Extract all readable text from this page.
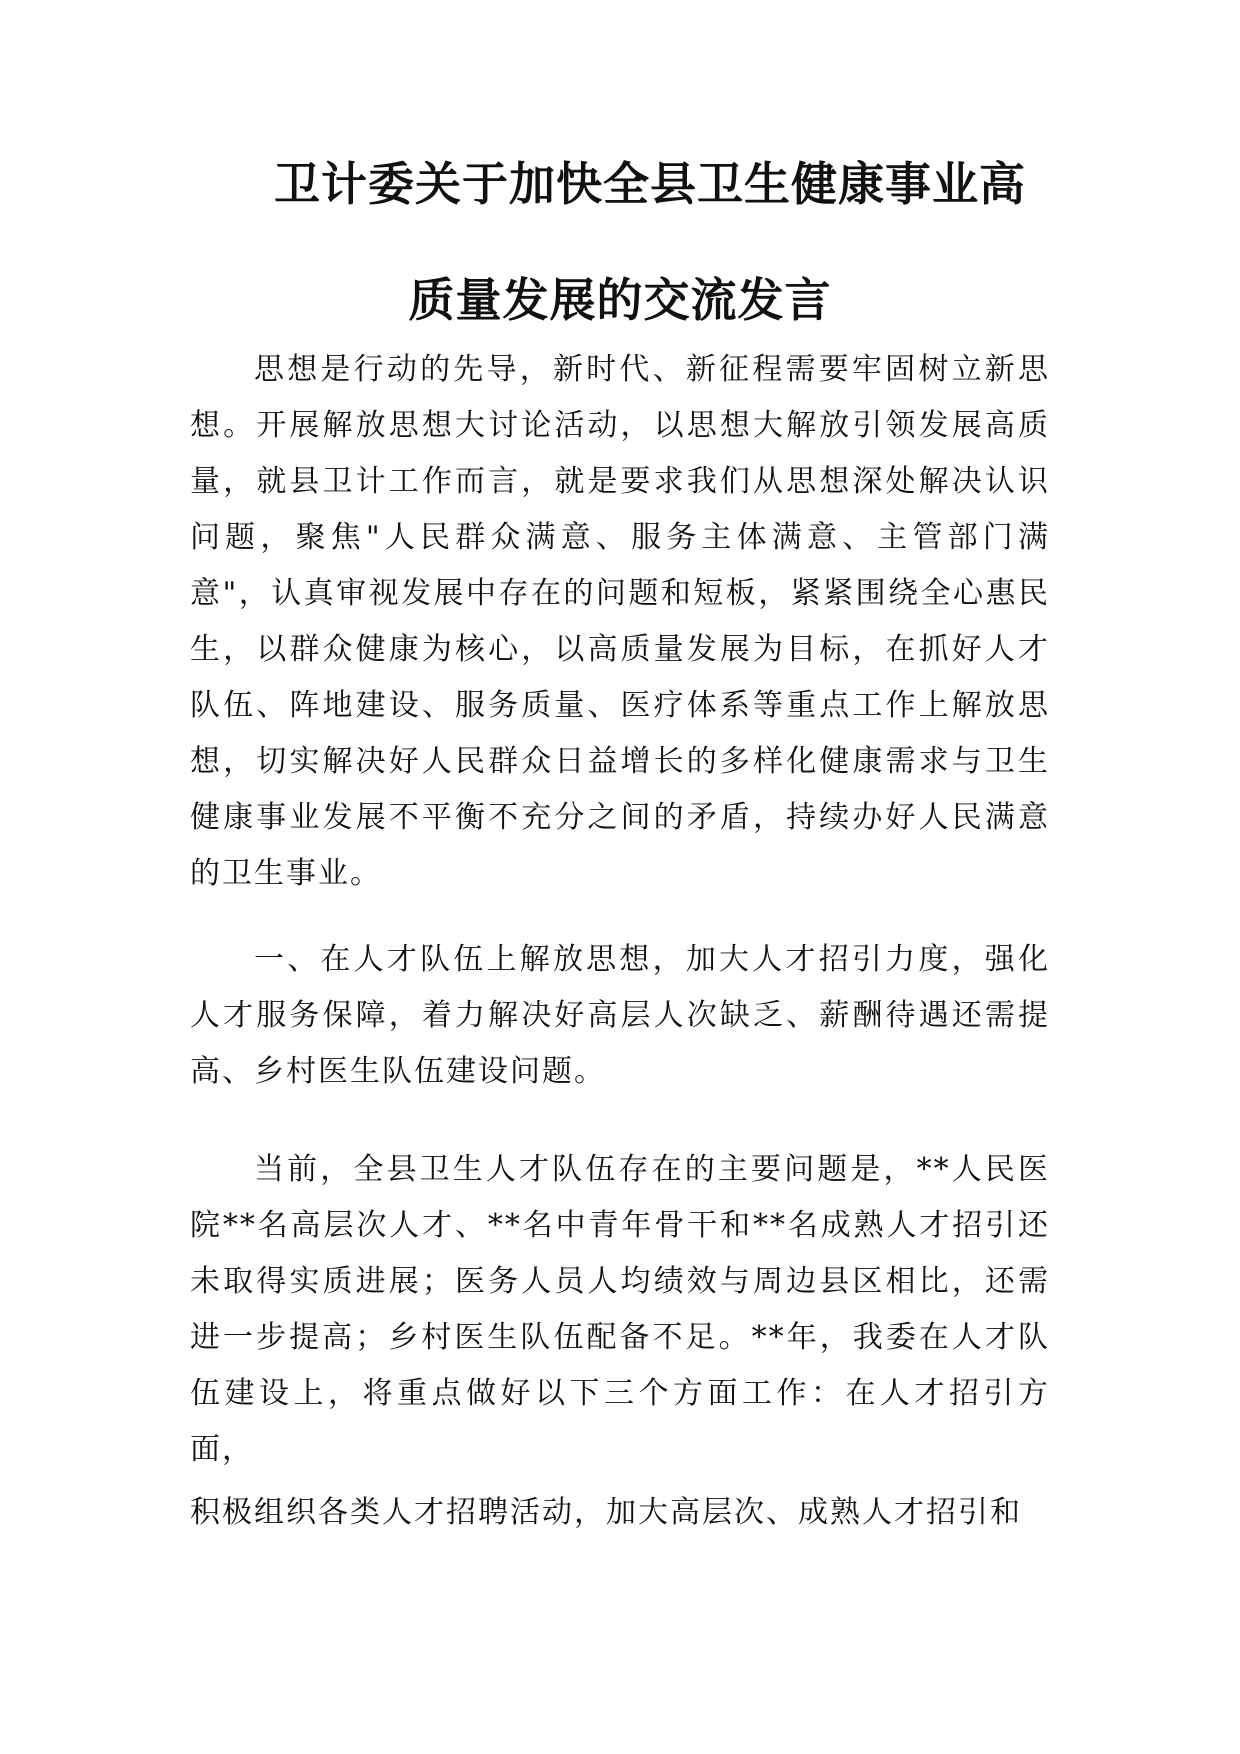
卫计委关于加快全县卫生健康事业高
质量发展的交流发言

思想是行动的先导，新时代、新征程需要牢固树立新思想。开展解放思想大讨论活动，以思想大解放引领发展高质量，就县卫计工作而言，就是要求我们从思想深处解决认识问题，聚焦"人民群众满意、服务主体满意、主管部门满意"，认真审视发展中存在的问题和短板，紧紧围绕全心惠民生，以群众健康为核心，以高质量发展为目标，在抓好人才队伍、阵地建设、服务质量、医疗体系等重点工作上解放思想，切实解决好人民群众日益增长的多样化健康需求与卫生健康事业发展不平衡不充分之间的矛盾，持续办好人民满意的卫生事业。

一、在人才队伍上解放思想，加大人才招引力度，强化人才服务保障，着力解决好高层人次缺乏、薪酬待遇还需提高、乡村医生队伍建设问题。

当前，全县卫生人才队伍存在的主要问题是，**人民医院**名高层次人才、**名中青年骨干和**名成熟人才招引还未取得实质进展；医务人员人均绩效与周边县区相比，还需进一步提高；乡村医生队伍配备不足。**年，我委在人才队伍建设上，将重点做好以下三个方面工作：在人才招引方面，

积极组织各类人才招聘活动，加大高层次、成熟人才招引和
